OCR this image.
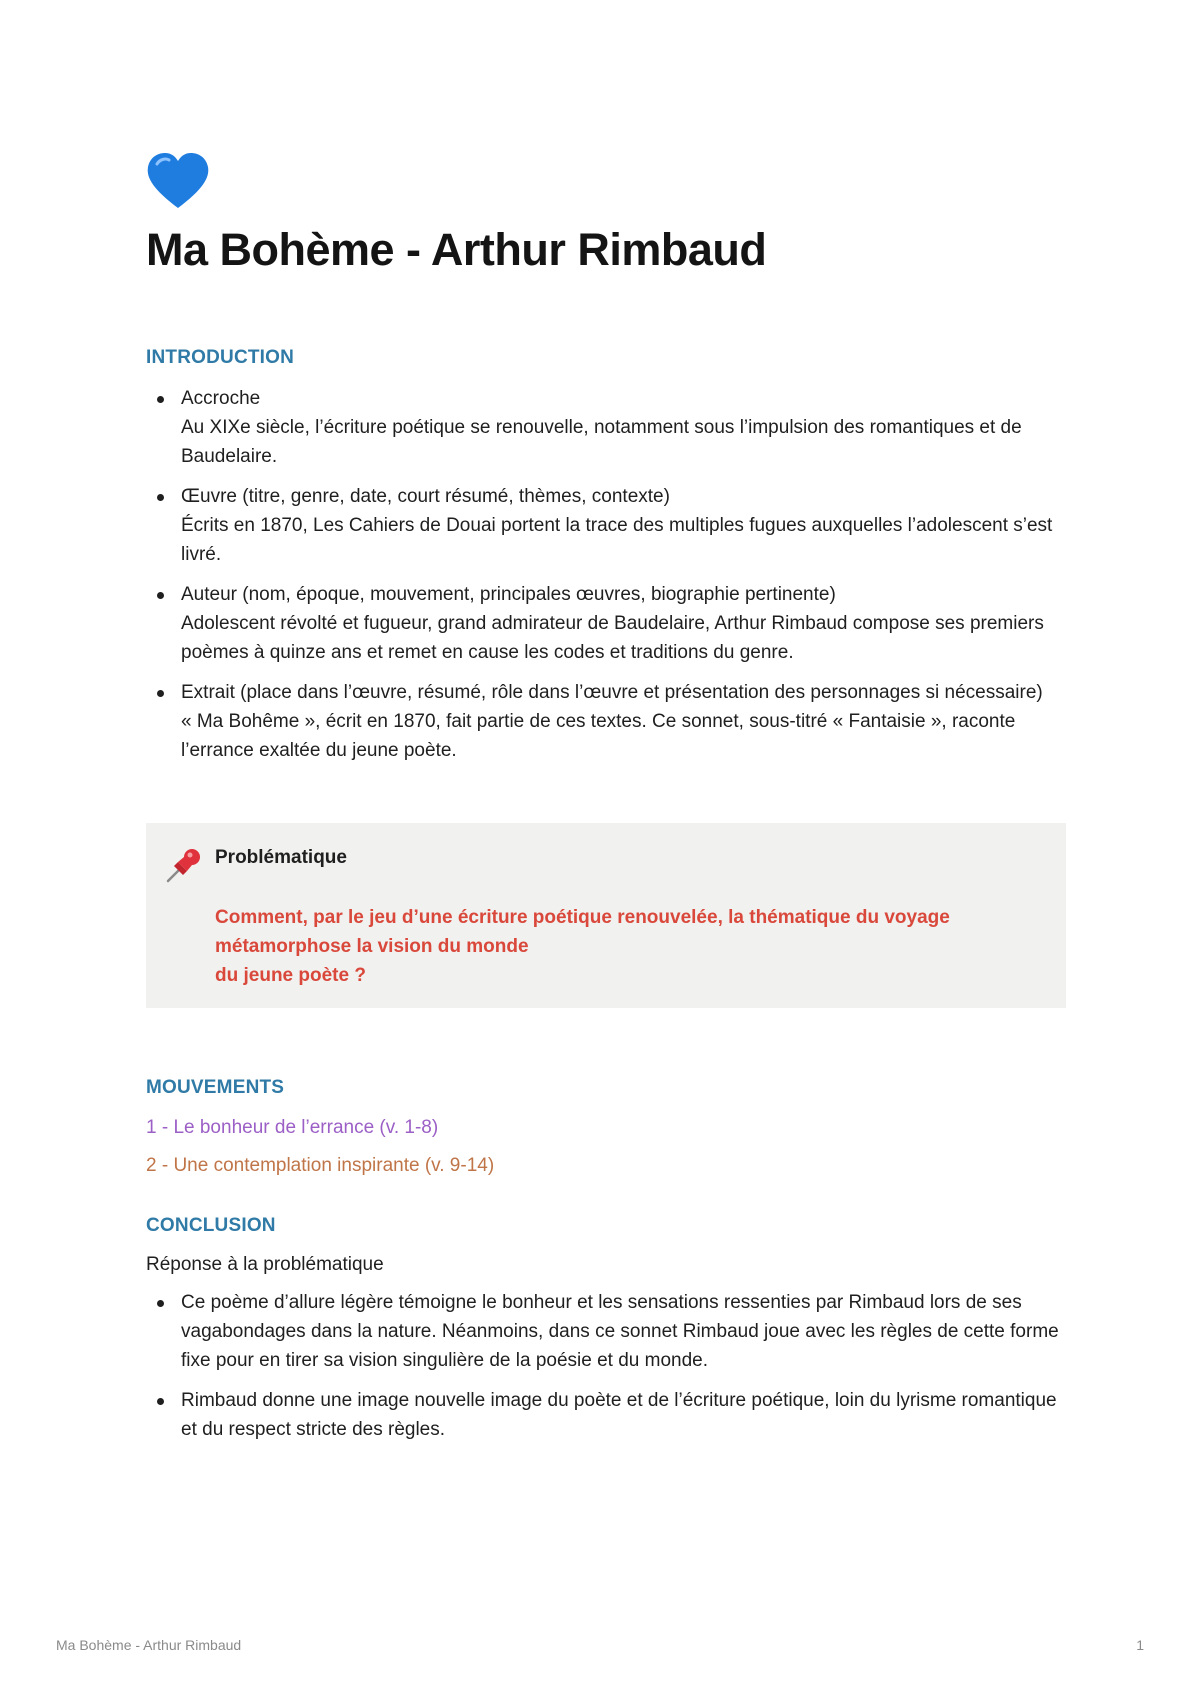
Ma Bohème - Arthur Rimbaud
INTRODUCTION
Accroche
Au XIXe siècle, l’écriture poétique se renouvelle, notamment sous l’impulsion des romantiques et de Baudelaire.
Œuvre (titre, genre, date, court résumé, thèmes, contexte)
Écrits en 1870, Les Cahiers de Douai portent la trace des multiples fugues auxquelles l’adolescent s’est livré.
Auteur (nom, époque, mouvement, principales œuvres, biographie pertinente)
Adolescent révolté et fugueur, grand admirateur de Baudelaire, Arthur Rimbaud compose ses premiers poèmes à quinze ans et remet en cause les codes et traditions du genre.
Extrait (place dans l’œuvre, résumé, rôle dans l’œuvre et présentation des personnages si nécessaire)
« Ma Bohême », écrit en 1870, fait partie de ces textes. Ce sonnet, sous-titré « Fantaisie », raconte l’errance exaltée du jeune poète.
Problématique
Comment, par le jeu d’une écriture poétique renouvelée, la thématique du voyage
métamorphose la vision du monde
du jeune poète ?
MOUVEMENTS
1 - Le bonheur de l’errance (v. 1-8)
2 - Une contemplation inspirante (v. 9-14)
CONCLUSION
Réponse à la problématique
Ce poème d’allure légère témoigne le bonheur et les sensations ressenties par Rimbaud lors de ses vagabondages dans la nature. Néanmoins, dans ce sonnet Rimbaud joue avec les règles de cette forme fixe pour en tirer sa vision singulière de la poésie et du monde.
Rimbaud donne une image nouvelle image du poète et de l’écriture poétique, loin du lyrisme romantique et du respect stricte des règles.
Ma Bohème - Arthur Rimbaud	1
